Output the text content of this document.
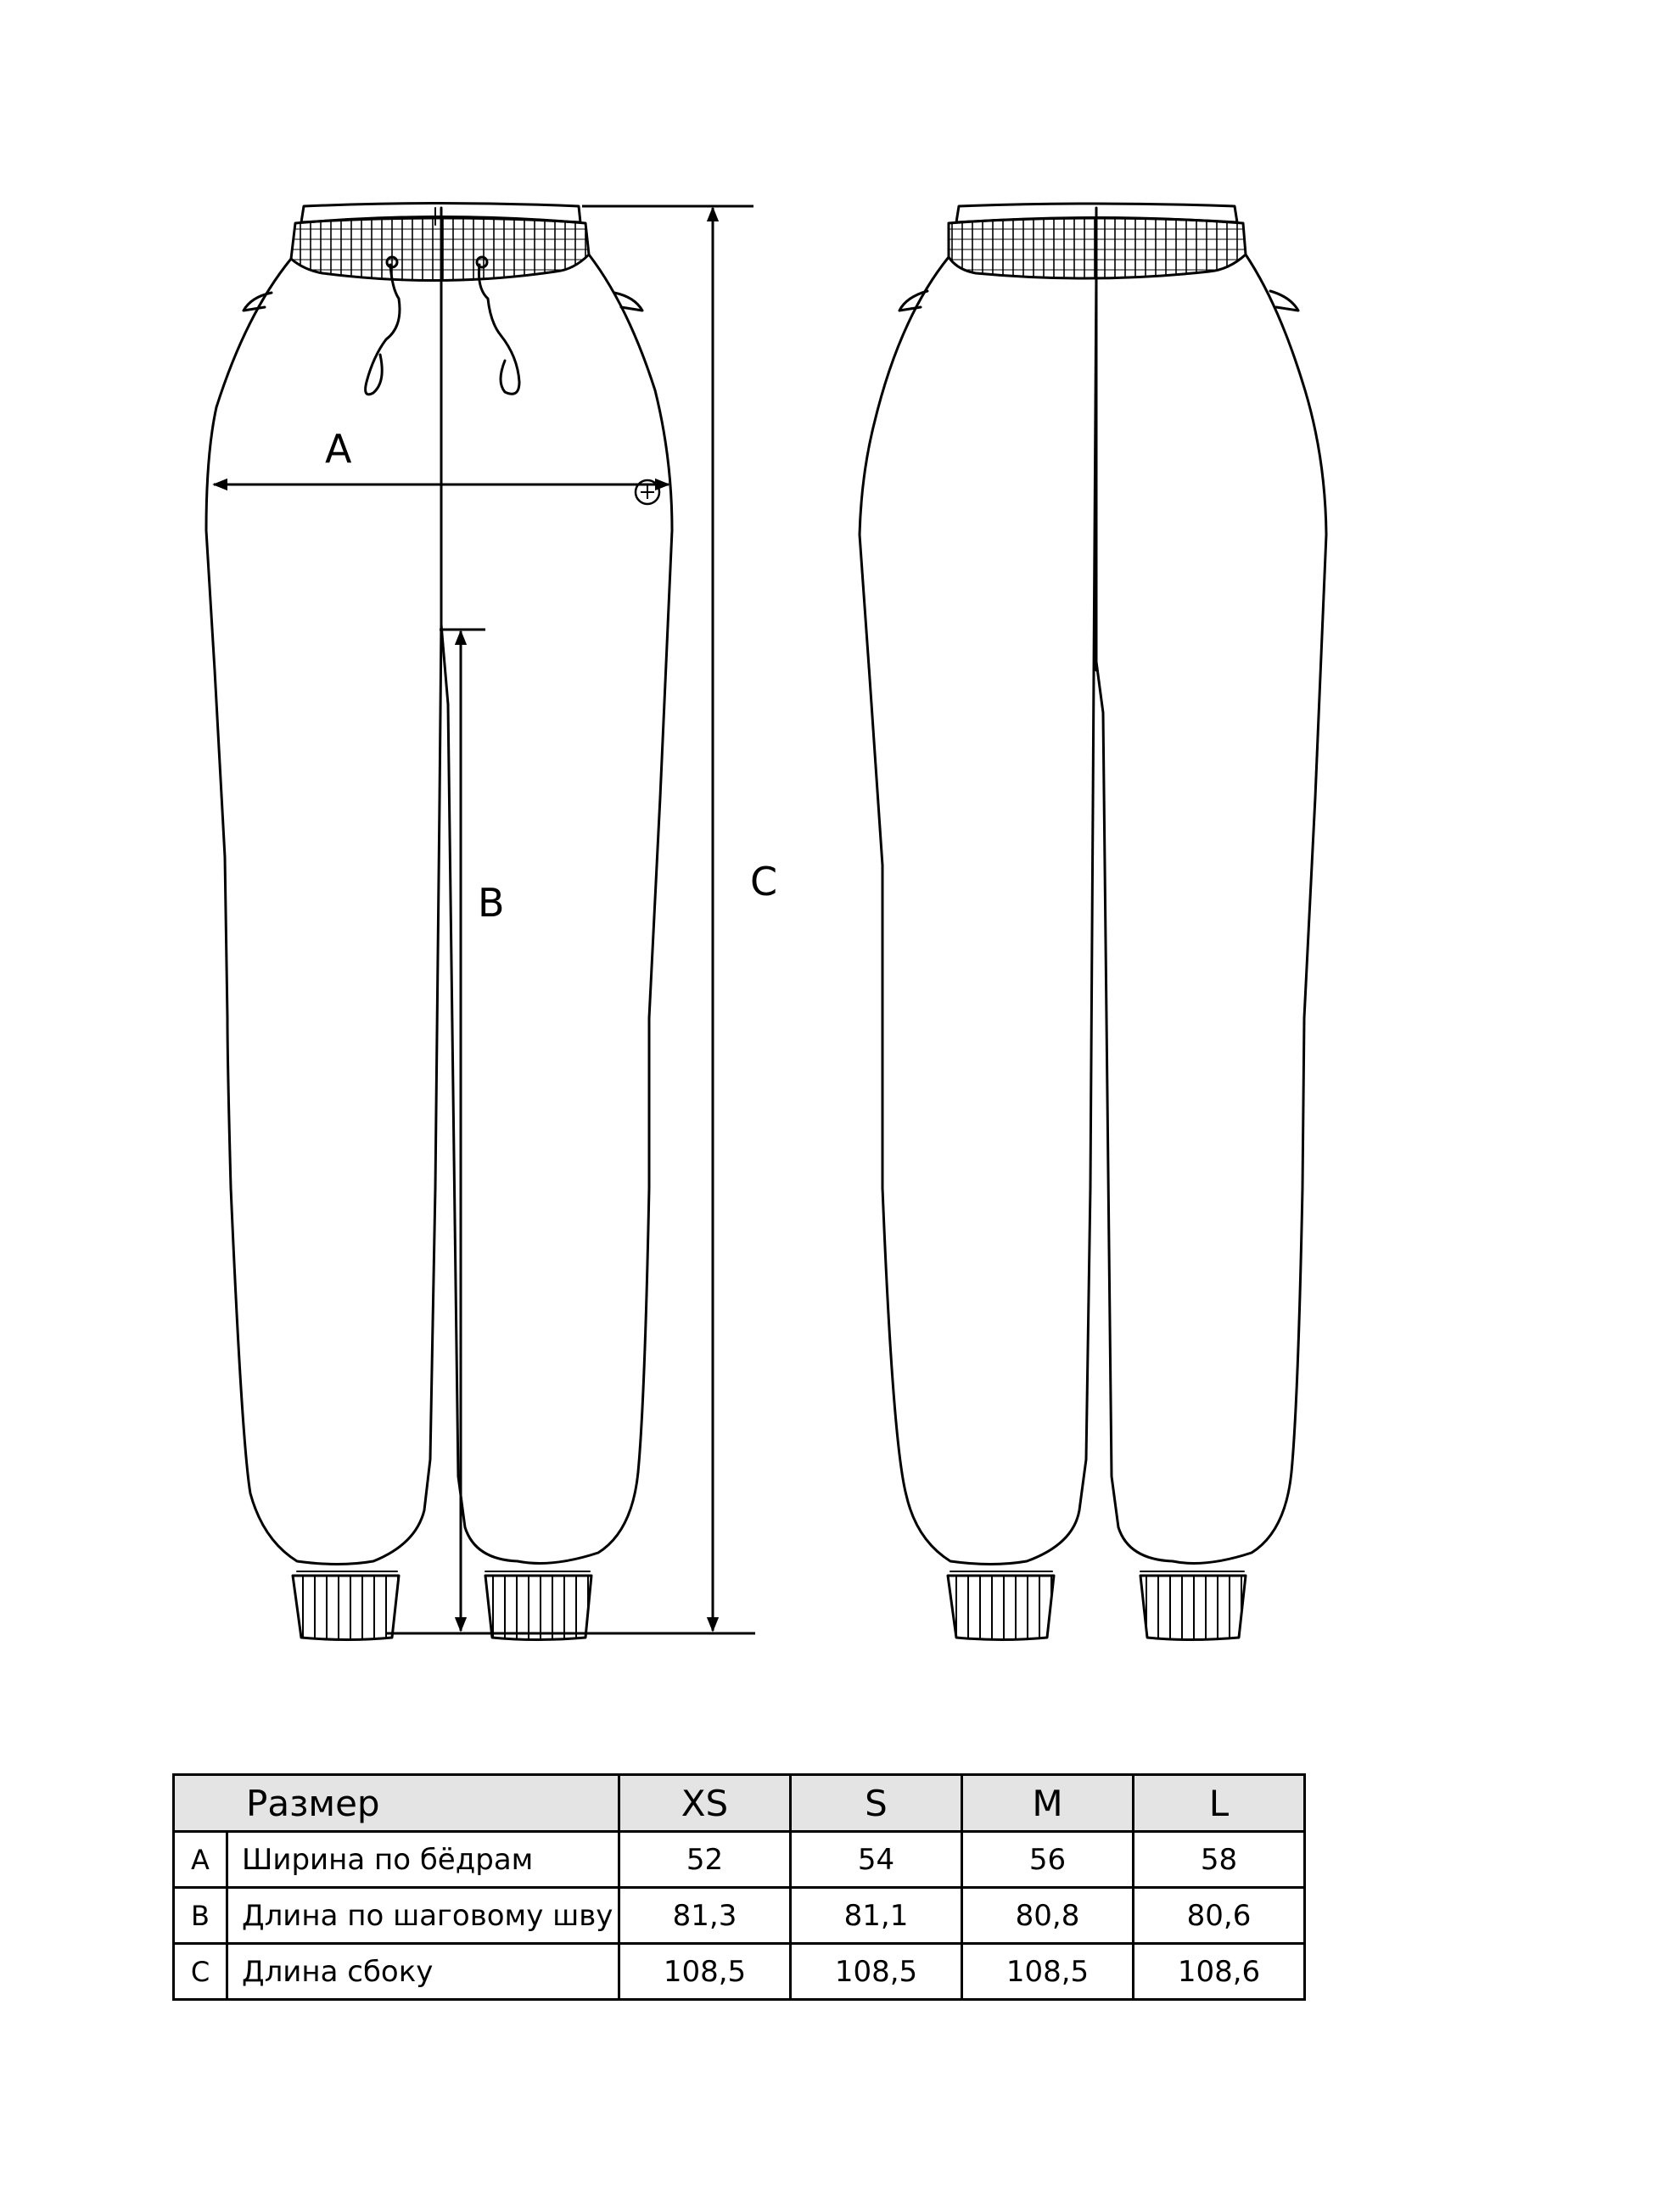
A
B	C
Размер		XS	S	M	L
A	Ширина по бёдрам	52	54	56	58
B	Длина по шаговому шву	81,3	81,1	80,8	80,6
C	Длина сбоку	108,5	108,5	108,5	108,6
